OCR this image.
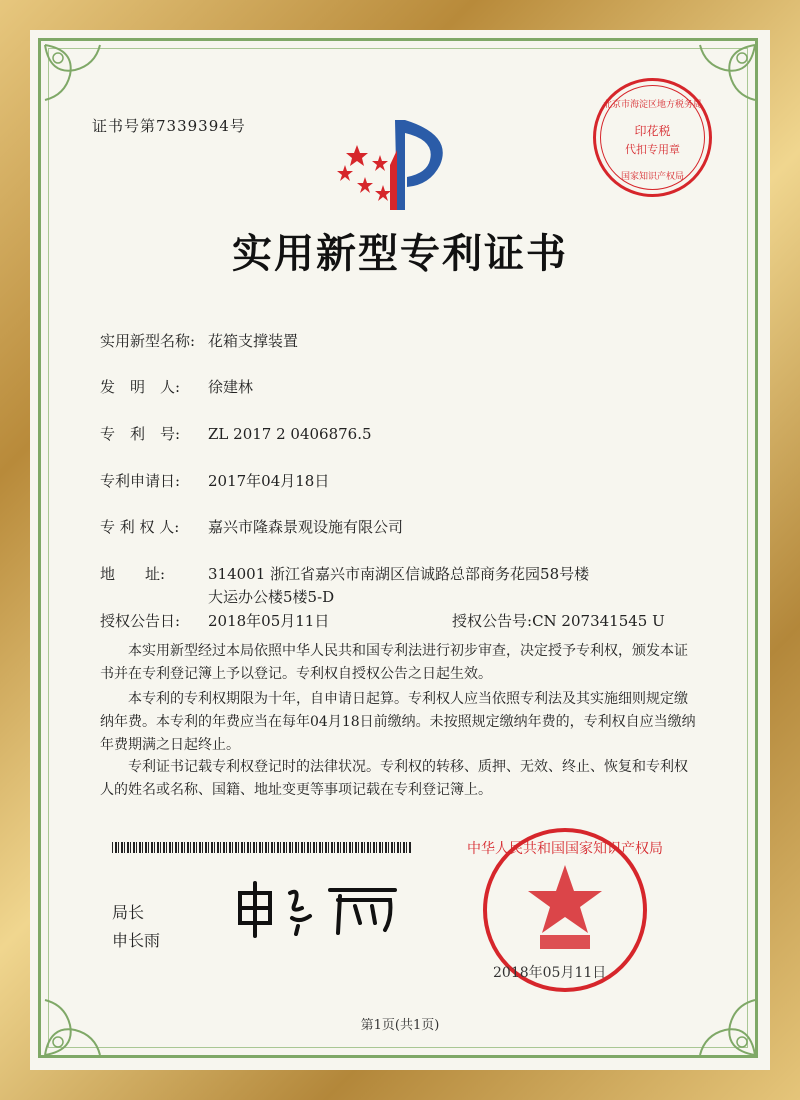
证书号第7339394号	印花税
代扣专用章
北京市海淀区地方税务局
国家知识产权局
实用新型专利证书
实用新型名称: 花箱支撑装置
发　明　人: 徐建林
专　利　号: ZL 2017 2 0406876.5
专利申请日: 2017年04月18日
专 利 权 人: 嘉兴市隆森景观设施有限公司
地　　址:	314001 浙江省嘉兴市南湖区信诚路总部商务花园58号楼
大运办公楼5楼5-D
授权公告日: 2018年05月11日	授权公告号:CN 207341545 U
　　本实用新型经过本局依照中华人民共和国专利法进行初步审查，决定授予专利权，颁发本证书并在专利登记簿上予以登记。专利权自授权公告之日起生效。
　　本专利的专利权期限为十年，自申请日起算。专利权人应当依照专利法及其实施细则规定缴纳年费。本专利的年费应当在每年04月18日前缴纳。未按照规定缴纳年费的，专利权自应当缴纳年费期满之日起终止。
　　专利证书记载专利权登记时的法律状况。专利权的转移、质押、无效、终止、恢复和专利权人的姓名或名称、国籍、地址变更等事项记载在专利登记簿上。
局长
申长雨
中华人民共和国国家知识产权局
2018年05月11日
第1页(共1页)
